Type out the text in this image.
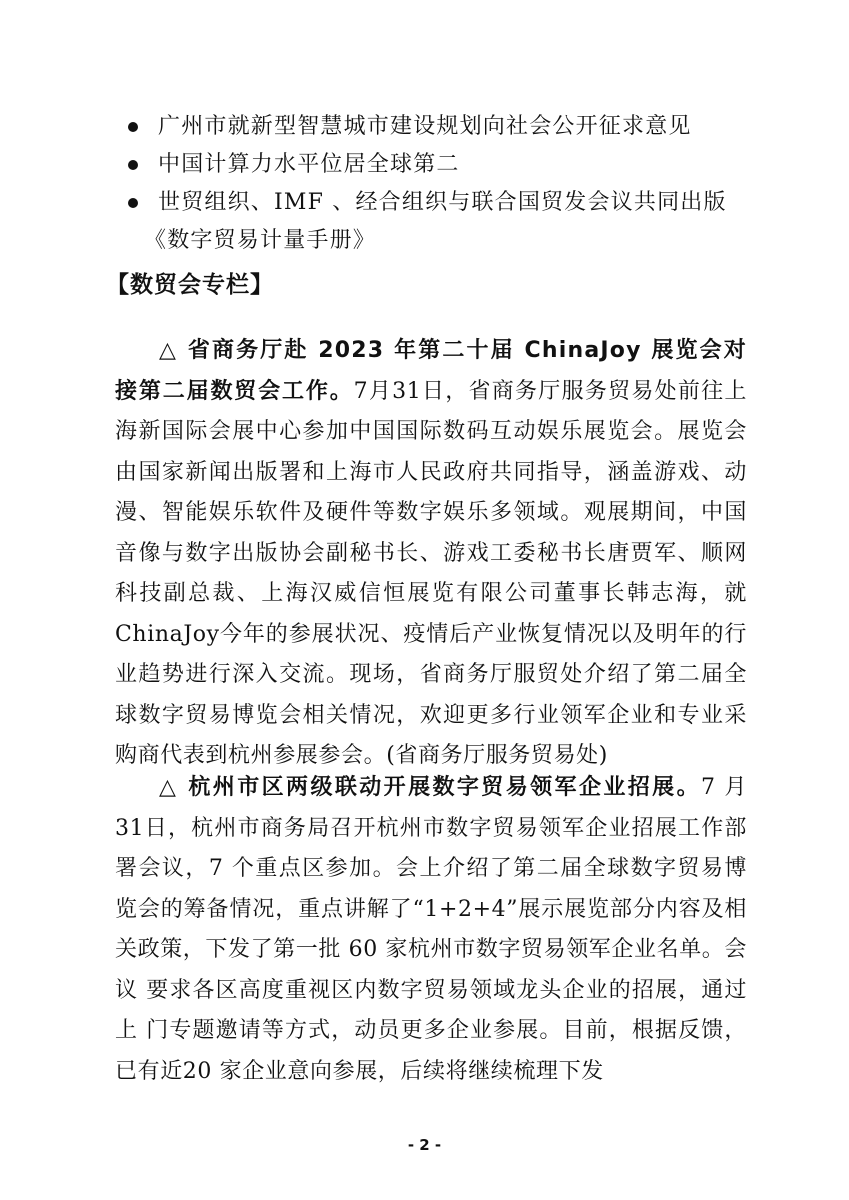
广州市就新型智慧城市建设规划向社会公开征求意见
中国计算力水平位居全球第二
世贸组织、IMF 、经合组织与联合国贸发会议共同出版
《数字贸易计量手册》
【数贸会专栏】

△ 省商务厅赴 2023 年第二十届 ChinaJoy 展览会对接第二届数贸会工作。7月31日，省商务厅服务贸易处前往上海新国际会展中心参加中国国际数码互动娱乐展览会。展览会由国家新闻出版署和上海市人民政府共同指导，涵盖游戏、动漫、智能娱乐软件及硬件等数字娱乐多领域。观展期间，中国音像与数字出版协会副秘书长、游戏工委秘书长唐贾军、顺网科技副总裁、上海汉威信恒展览有限公司董事长韩志海，就ChinaJoy今年的参展状况、疫情后产业恢复情况以及明年的行业趋势进行深入交流。现场，省商务厅服贸处介绍了第二届全球数字贸易博览会相关情况，欢迎更多行业领军企业和专业采购商代表到杭州参展参会。(省商务厅服务贸易处)

△ 杭州市区两级联动开展数字贸易领军企业招展。7 月31日，杭州市商务局召开杭州市数字贸易领军企业招展工作部署会议，7 个重点区参加。会上介绍了第二届全球数字贸易博览会的筹备情况，重点讲解了“1+2+4”展示展览部分内容及相关政策，下发了第一批 60 家杭州市数字贸易领军企业名单。会议 要求各区高度重视区内数字贸易领域龙头企业的招展，通过上 门专题邀请等方式，动员更多企业参展。目前，根据反馈，已有近20 家企业意向参展，后续将继续梳理下发

- 2 -
